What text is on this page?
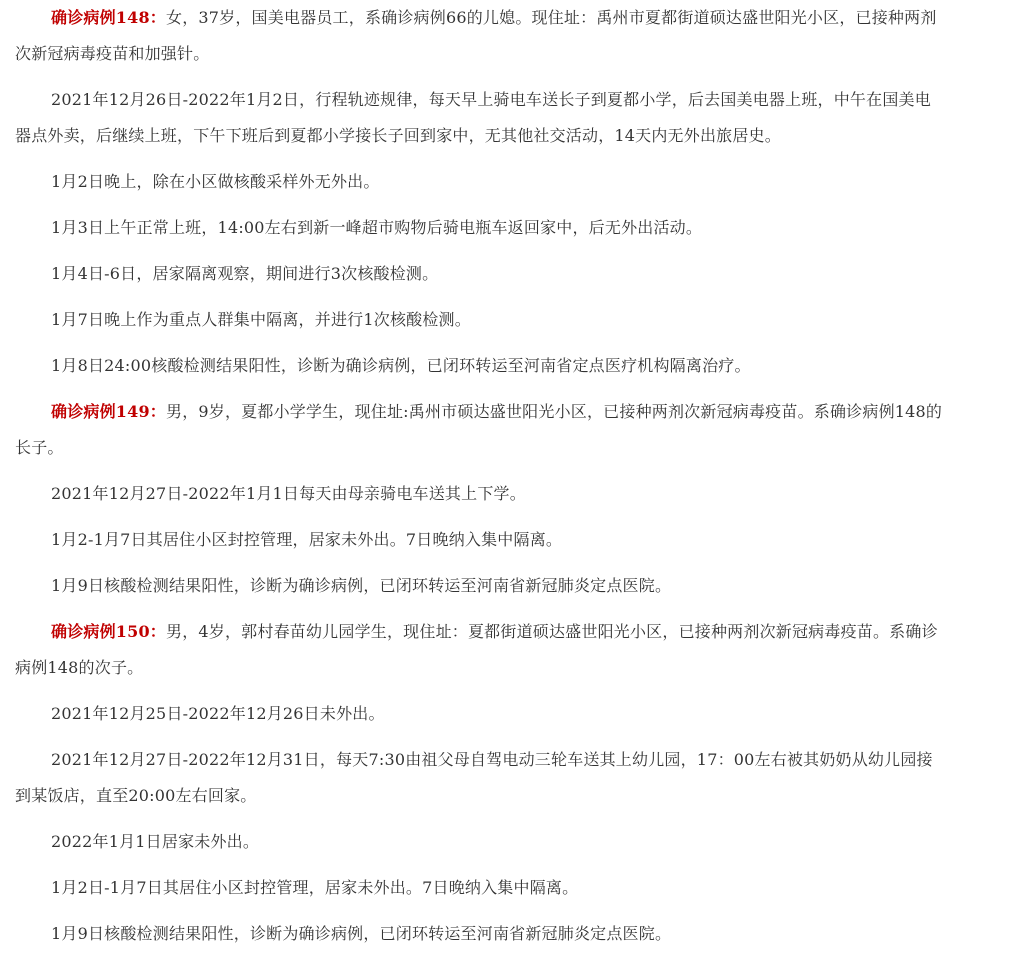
确诊病例148：女，37岁，国美电器员工，系确诊病例66的儿媳。现住址：禹州市夏都街道硕达盛世阳光小区，已接种两剂次新冠病毒疫苗和加强针。

2021年12月26日-2022年1月2日，行程轨迹规律，每天早上骑电车送长子到夏都小学，后去国美电器上班，中午在国美电器点外卖，后继续上班，下午下班后到夏都小学接长子回到家中，无其他社交活动，14天内无外出旅居史。

1月2日晚上，除在小区做核酸采样外无外出。

1月3日上午正常上班，14:00左右到新一峰超市购物后骑电瓶车返回家中，后无外出活动。

1月4日-6日，居家隔离观察，期间进行3次核酸检测。

1月7日晚上作为重点人群集中隔离，并进行1次核酸检测。

1月8日24:00核酸检测结果阳性，诊断为确诊病例，已闭环转运至河南省定点医疗机构隔离治疗。

确诊病例149：男，9岁，夏都小学学生，现住址:禹州市硕达盛世阳光小区，已接种两剂次新冠病毒疫苗。系确诊病例148的长子。

2021年12月27日-2022年1月1日每天由母亲骑电车送其上下学。

1月2-1月7日其居住小区封控管理，居家未外出。7日晚纳入集中隔离。

1月9日核酸检测结果阳性，诊断为确诊病例，已闭环转运至河南省新冠肺炎定点医院。

确诊病例150：男，4岁，郭村春苗幼儿园学生，现住址：夏都街道硕达盛世阳光小区，已接种两剂次新冠病毒疫苗。系确诊病例148的次子。

2021年12月25日-2022年12月26日未外出。

2021年12月27日-2022年12月31日，每天7:30由祖父母自驾电动三轮车送其上幼儿园，17：00左右被其奶奶从幼儿园接到某饭店，直至20:00左右回家。

2022年1月1日居家未外出。

1月2日-1月7日其居住小区封控管理，居家未外出。7日晚纳入集中隔离。

1月9日核酸检测结果阳性，诊断为确诊病例，已闭环转运至河南省新冠肺炎定点医院。
